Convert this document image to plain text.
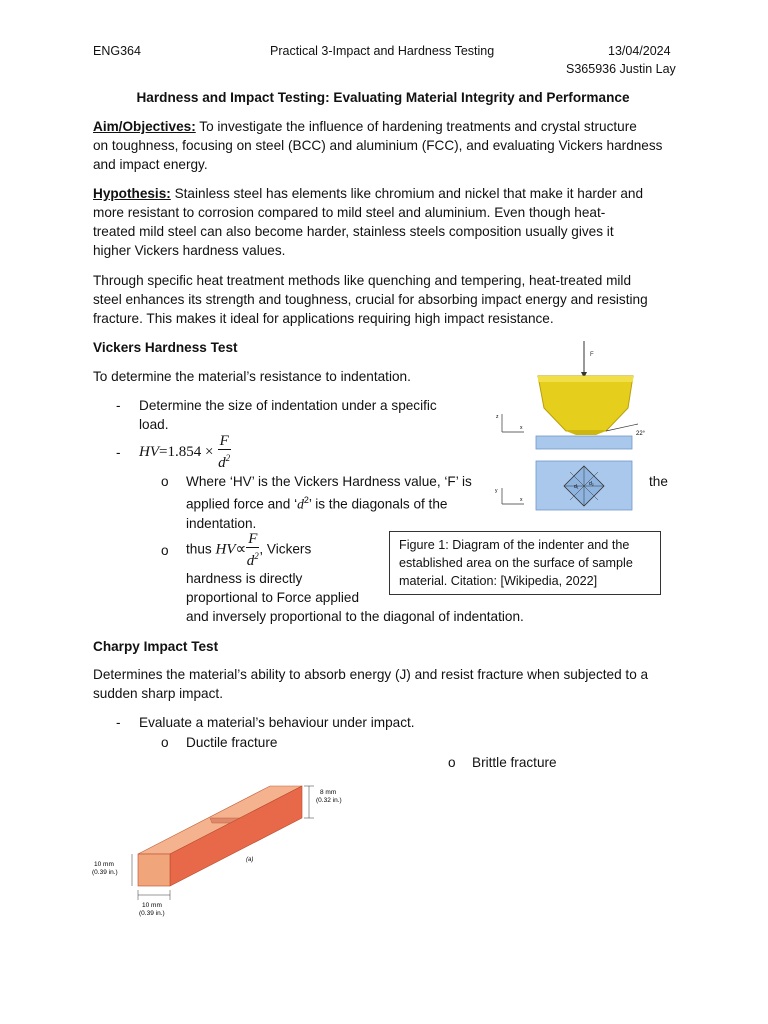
ENG364	Practical 3-Impact and Hardness Testing	13/04/2024
S365936 Justin Lay
Hardness and Impact Testing: Evaluating Material Integrity and Performance
Aim/Objectives: To investigate the influence of hardening treatments and crystal structure
on toughness, focusing on steel (BCC) and aluminium (FCC), and evaluating Vickers hardness
and impact energy.
Hypothesis: Stainless steel has elements like chromium and nickel that make it harder and
more resistant to corrosion compared to mild steel and aluminium. Even though heat-
treated mild steel can also become harder, stainless steels composition usually gives it
higher Vickers hardness values.
Through specific heat treatment methods like quenching and tempering, heat-treated mild
steel enhances its strength and toughness, crucial for absorbing impact energy and resisting
fracture. This makes it ideal for applications requiring high impact resistance.
Vickers Hardness Test
To determine the material’s resistance to indentation.
- Determine the size of indentation under a specific
load.
- $HV=1.854 \times \frac{F}{d^2}$
o Where ‘HV’ is the Vickers Hardness value, ‘F’ is
applied force and ‘$d^2$’ is the diagonals of the
indentation.
the
o thus $HV\propto \frac{F}{d^2}$ , Vickers
hardness is directly
proportional to Force applied
and inversely proportional to the diagonal of indentation.
F
22°
z
x
d₁ d₂
y
x
Figure 1: Diagram of the indenter and the
established area on the surface of sample
material. Citation: [Wikipedia, 2022]
Charpy Impact Test
Determines the material’s ability to absorb energy (J) and resist fracture when subjected to a
sudden sharp impact.
- Evaluate a material’s behaviour under impact.
o Ductile fracture
o Brittle fracture
8 mm
(0.32 in.)
10 mm
(0.39 in.)
10 mm
(0.39 in.)
(a)
